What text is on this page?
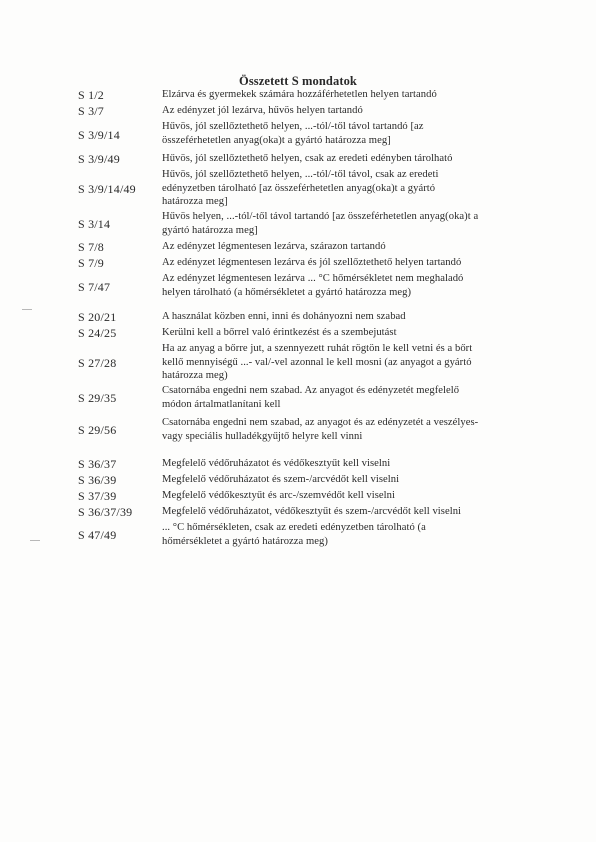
Összetett S mondatok
S 1/2	Elzárva és gyermekek számára hozzáférhetetlen helyen tartandó
S 3/7	Az edényzet jól lezárva, hűvös helyen tartandó
S 3/9/14
Hűvös, jól szellőztethető helyen, ...-tól/-től távol tartandó [az
összeférhetetlen anyag(oka)t a gyártó határozza meg]
S 3/9/49	Hűvös, jól szellőztethető helyen, csak az eredeti edényben tárolható
S 3/9/14/49
Hűvös, jól szellőztethető helyen, ...-tól/-től távol, csak az eredeti
edényzetben tárolható [az összeférhetetlen anyag(oka)t a gyártó
határozza meg]
S 3/14
Hűvös helyen, ...-tól/-től távol tartandó [az összeférhetetlen anyag(oka)t a
gyártó határozza meg]
S 7/8	Az edényzet légmentesen lezárva, szárazon tartandó
S 7/9	Az edényzet légmentesen lezárva és jól szellőztethető helyen tartandó
S 7/47
Az edényzet légmentesen lezárva ... °C hőmérsékletet nem meghaladó
helyen tárolható (a hőmérsékletet a gyártó határozza meg)
S 20/21	A használat közben enni, inni és dohányozni nem szabad
S 24/25	Kerülni kell a bőrrel való érintkezést és a szembejutást
S 27/28
Ha az anyag a bőrre jut, a szennyezett ruhát rögtön le kell vetni és a bőrt
kellő mennyiségű ...- val/-vel azonnal le kell mosni (az anyagot a gyártó
határozza meg)
S 29/35
Csatornába engedni nem szabad. Az anyagot és edényzetét megfelelő
módon ártalmatlanítani kell
S 29/56
Csatornába engedni nem szabad, az anyagot és az edényzetét a veszélyes-
vagy speciális hulladékgyűjtő helyre kell vinni
S 36/37	Megfelelő védőruházatot és védőkesztyűt kell viselni
S 36/39	Megfelelő védőruházatot és szem-/arcvédőt kell viselni
S 37/39	Megfelelő védőkesztyűt és arc-/szemvédőt kell viselni
S 36/37/39	Megfelelő védőruházatot, védőkesztyűt és szem-/arcvédőt kell viselni
S 47/49
... °C hőmérsékleten, csak az eredeti edényzetben tárolható (a
hőmérsékletet a gyártó határozza meg)
